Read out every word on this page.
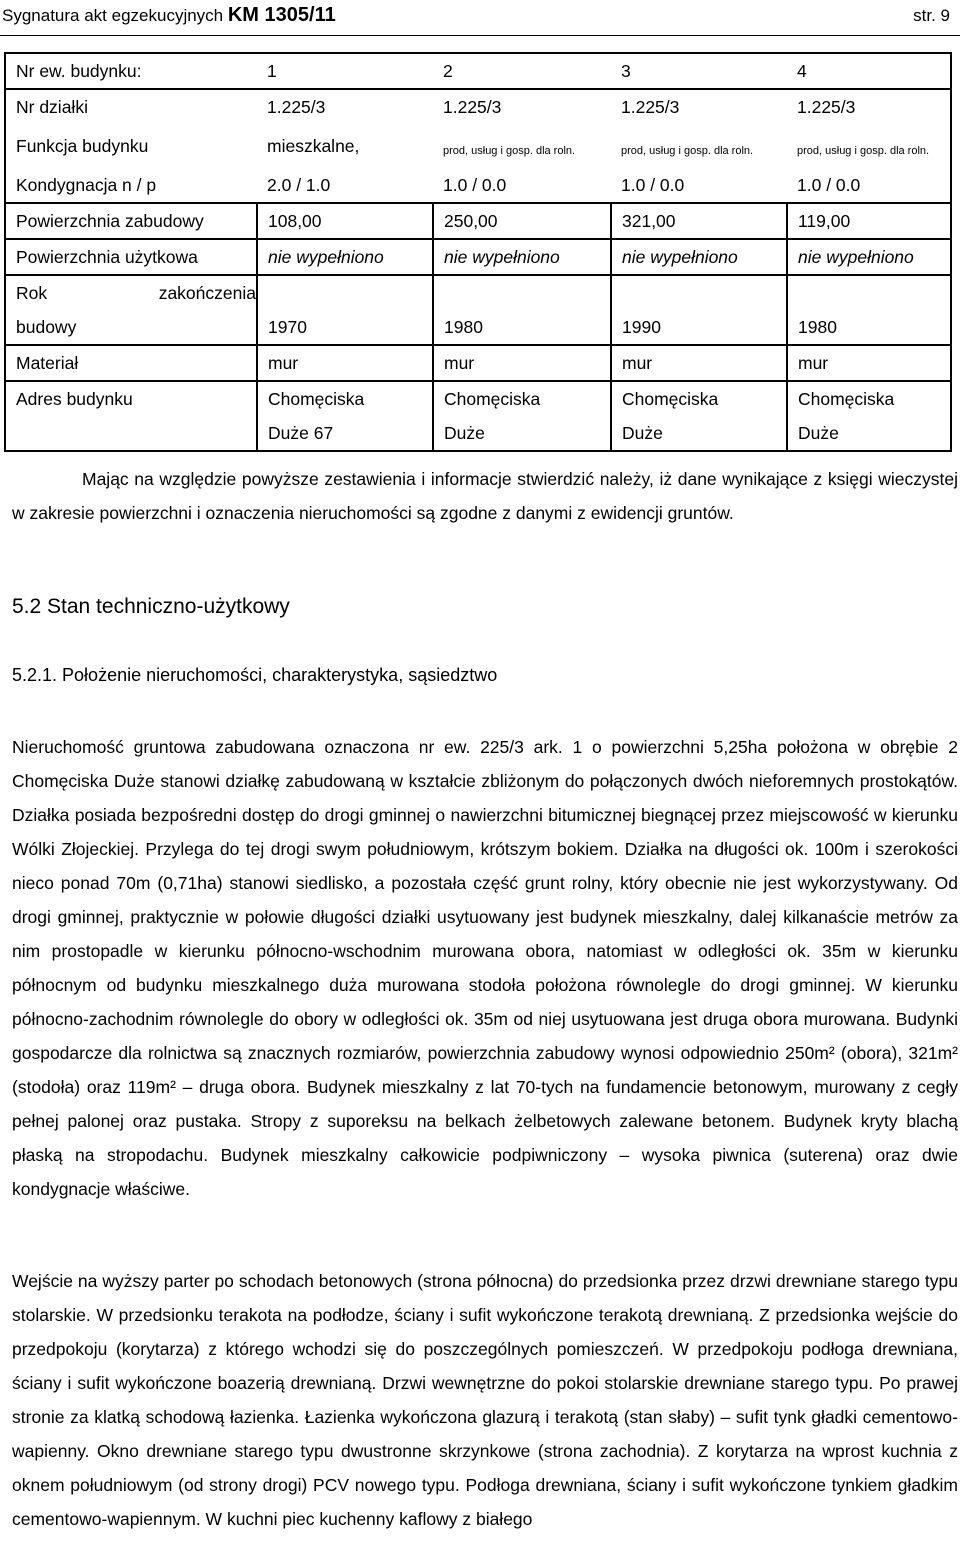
Sygnatura akt egzekucyjnych KM 1305/11	str. 9
Nr ew. budynku:	1	2	3	4
Nr działki	1.225/3	1.225/3	1.225/3	1.225/3
Funkcja budynku	mieszkalne,	prod, usług i gosp. dla roln.	prod, usług i gosp. dla roln.	prod, usług i gosp. dla roln.
Kondygnacja n / p	2.0 / 1.0	1.0 / 0.0	1.0 / 0.0	1.0 / 0.0
Powierzchnia zabudowy	108,00	250,00	321,00	119,00
Powierzchnia użytkowa	nie wypełniono	nie wypełniono	nie wypełniono	nie wypełniono

Rok zakończenia				

budowy	1970	1980	1990	1980
Materiał	mur	mur	mur	mur
Adres budynku	Chomęciska	Chomęciska	Chomęciska	Chomęciska
	Duże 67	Duże	Duże	Duże
Mając na względzie powyższe zestawienia i informacje stwierdzić należy, iż dane wynikające z księgi wieczystej w zakresie powierzchni i oznaczenia nieruchomości są zgodne z danymi z ewidencji gruntów.
5.2 Stan techniczno-użytkowy
5.2.1. Położenie nieruchomości, charakterystyka, sąsiedztwo
Nieruchomość gruntowa zabudowana oznaczona nr ew. 225/3 ark. 1 o powierzchni 5,25ha położona w obrębie 2 Chomęciska Duże stanowi działkę zabudowaną w kształcie zbliżonym do połączonych dwóch nieforemnych prostokątów. Działka posiada bezpośredni dostęp do drogi gminnej o nawierzchni bitumicznej biegnącej przez miejscowość w kierunku Wólki Złojeckiej. Przylega do tej drogi swym południowym, krótszym bokiem. Działka na długości ok. 100m i szerokości nieco ponad 70m (0,71ha) stanowi siedlisko, a pozostała część grunt rolny, który obecnie nie jest wykorzystywany. Od drogi gminnej, praktycznie w połowie długości działki usytuowany jest budynek mieszkalny, dalej kilkanaście metrów za nim prostopadle w kierunku północno-wschodnim murowana obora, natomiast w odległości ok. 35m w kierunku północnym od budynku mieszkalnego duża murowana stodoła położona równolegle do drogi gminnej. W kierunku północno-zachodnim równolegle do obory w odległości ok. 35m od niej usytuowana jest druga obora murowana. Budynki gospodarcze dla rolnictwa są znacznych rozmiarów, powierzchnia zabudowy wynosi odpowiednio 250m² (obora), 321m² (stodoła) oraz 119m² – druga obora. Budynek mieszkalny z lat 70-tych na fundamencie betonowym, murowany z cegły pełnej palonej oraz pustaka. Stropy z suporeksu na belkach żelbetowych zalewane betonem. Budynek kryty blachą płaską na stropodachu. Budynek mieszkalny całkowicie podpiwniczony – wysoka piwnica (suterena) oraz dwie kondygnacje właściwe.
Wejście na wyższy parter po schodach betonowych (strona północna) do przedsionka przez drzwi drewniane starego typu stolarskie. W przedsionku terakota na podłodze, ściany i sufit wykończone terakotą drewnianą. Z przedsionka wejście do przedpokoju (korytarza) z którego wchodzi się do poszczególnych pomieszczeń. W przedpokoju podłoga drewniana, ściany i sufit wykończone boazerią drewnianą. Drzwi wewnętrzne do pokoi stolarskie drewniane starego typu. Po prawej stronie za klatką schodową łazienka. Łazienka wykończona glazurą i terakotą (stan słaby) – sufit tynk gładki cementowo-wapienny. Okno drewniane starego typu dwustronne skrzynkowe (strona zachodnia). Z korytarza na wprost kuchnia z oknem południowym (od strony drogi) PCV nowego typu. Podłoga drewniana, ściany i sufit wykończone tynkiem gładkim cementowo-wapiennym. W kuchni piec kuchenny kaflowy z białego
